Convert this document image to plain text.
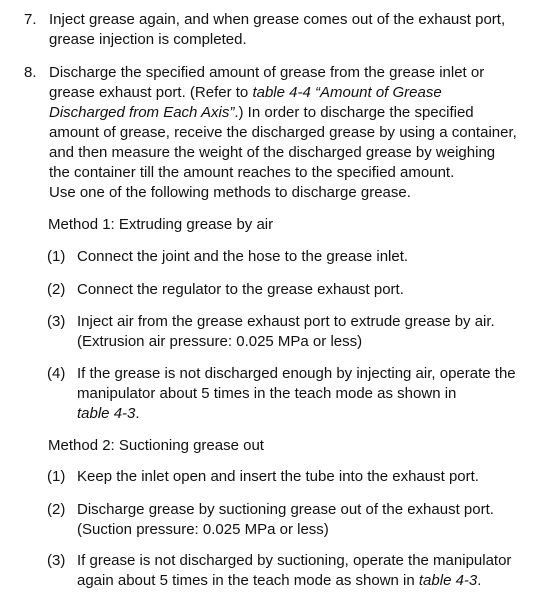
7. Inject grease again, and when grease comes out of the exhaust port,
grease injection is completed.
8. Discharge the specified amount of grease from the grease inlet or
grease exhaust port. (Refer to table 4-4 “Amount of Grease
Discharged from Each Axis”.) In order to discharge the specified
amount of grease, receive the discharged grease by using a container,
and then measure the weight of the discharged grease by weighing
the container till the amount reaches to the specified amount.
Use one of the following methods to discharge grease.
Method 1: Extruding grease by air
(1) Connect the joint and the hose to the grease inlet.
(2) Connect the regulator to the grease exhaust port.
(3) Inject air from the grease exhaust port to extrude grease by air.
(Extrusion air pressure: 0.025 MPa or less)
(4) If the grease is not discharged enough by injecting air, operate the
manipulator about 5 times in the teach mode as shown in
table 4-3.
Method 2: Suctioning grease out
(1) Keep the inlet open and insert the tube into the exhaust port.
(2) Discharge grease by suctioning grease out of the exhaust port.
(Suction pressure: 0.025 MPa or less)
(3) If grease is not discharged by suctioning, operate the manipulator
again about 5 times in the teach mode as shown in table 4-3.
